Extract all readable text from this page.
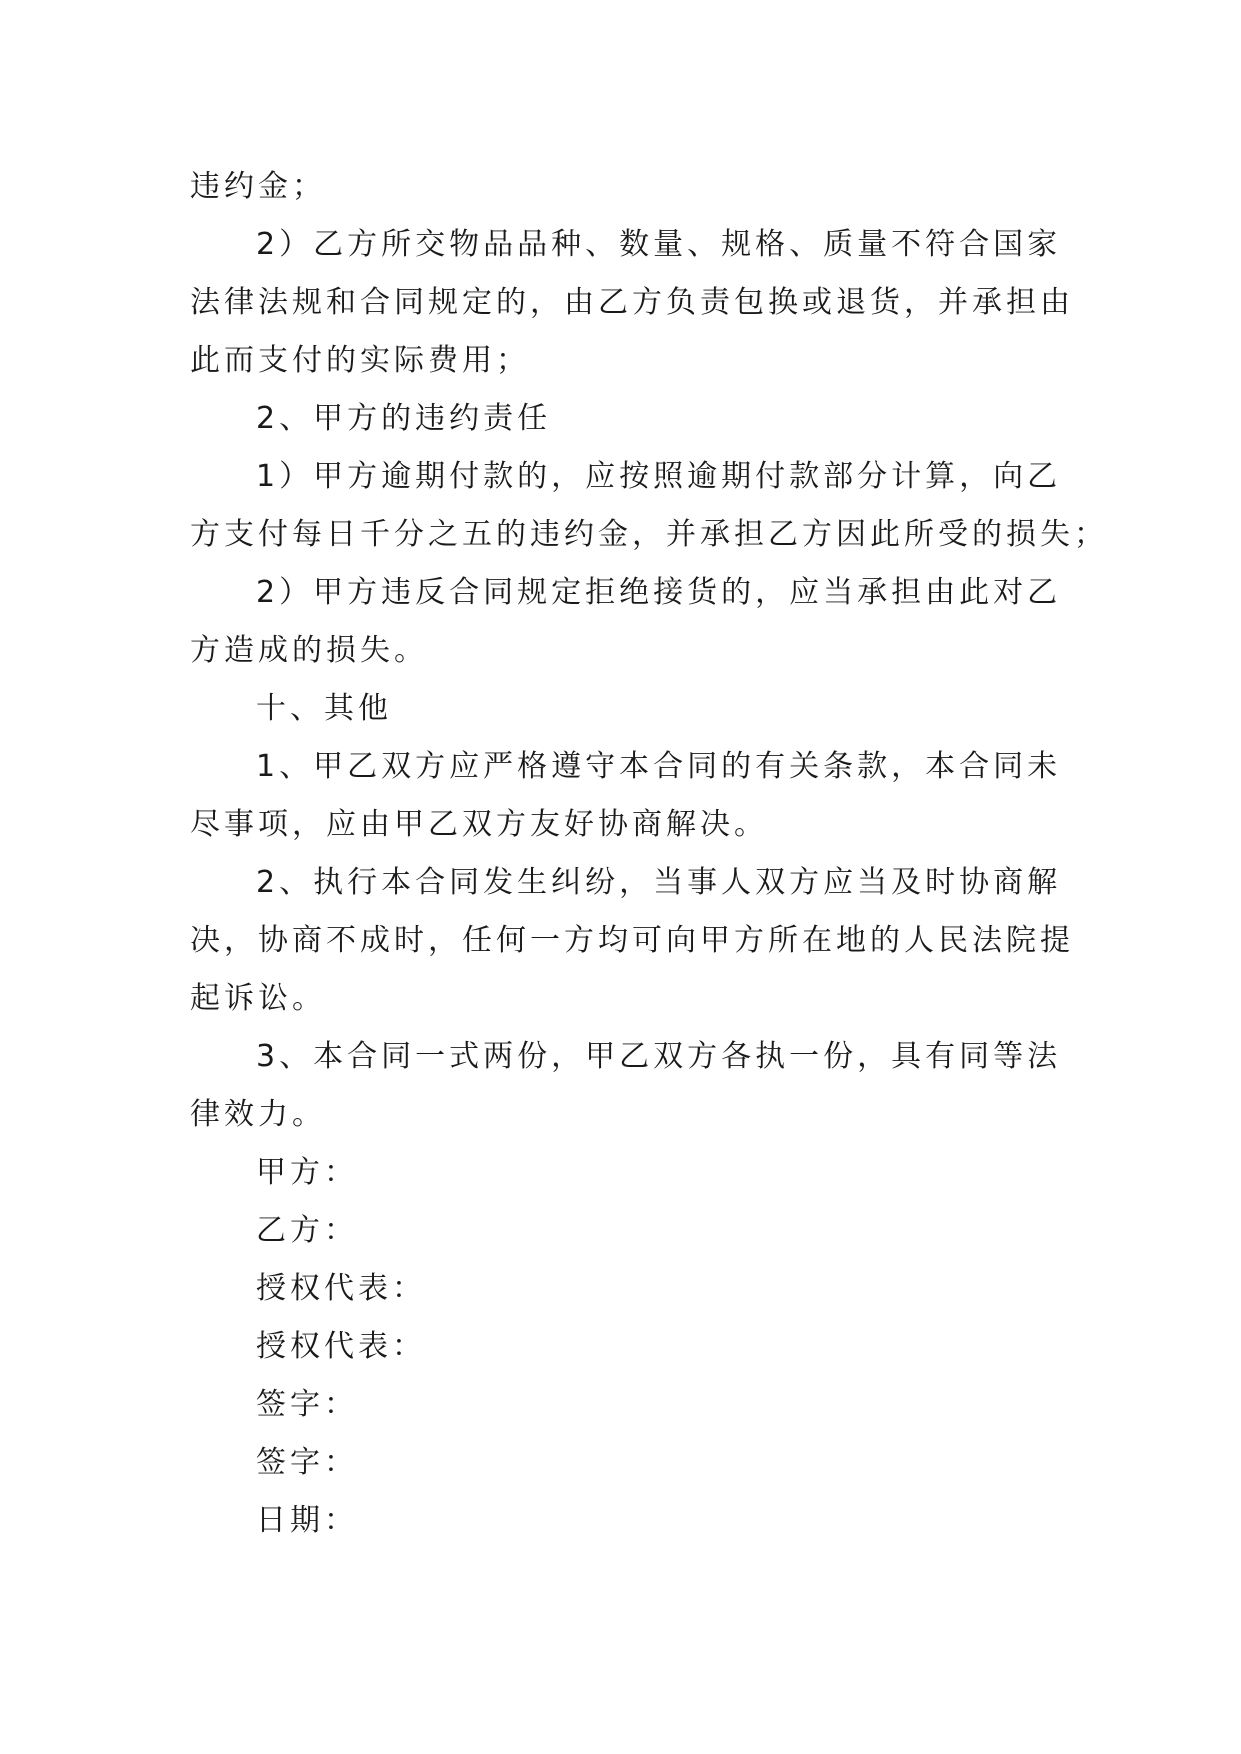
违约金；
2）乙方所交物品品种、数量、规格、质量不符合国家
法律法规和合同规定的，由乙方负责包换或退货，并承担由
此而支付的实际费用；
2、甲方的违约责任
1）甲方逾期付款的，应按照逾期付款部分计算，向乙
方支付每日千分之五的违约金，并承担乙方因此所受的损失；
2）甲方违反合同规定拒绝接货的，应当承担由此对乙
方造成的损失。
十、其他
1、甲乙双方应严格遵守本合同的有关条款，本合同未
尽事项，应由甲乙双方友好协商解决。
2、执行本合同发生纠纷，当事人双方应当及时协商解
决，协商不成时，任何一方均可向甲方所在地的人民法院提
起诉讼。
3、本合同一式两份，甲乙双方各执一份，具有同等法
律效力。
甲方：
乙方：
授权代表：
授权代表：
签字：
签字：
日期：
